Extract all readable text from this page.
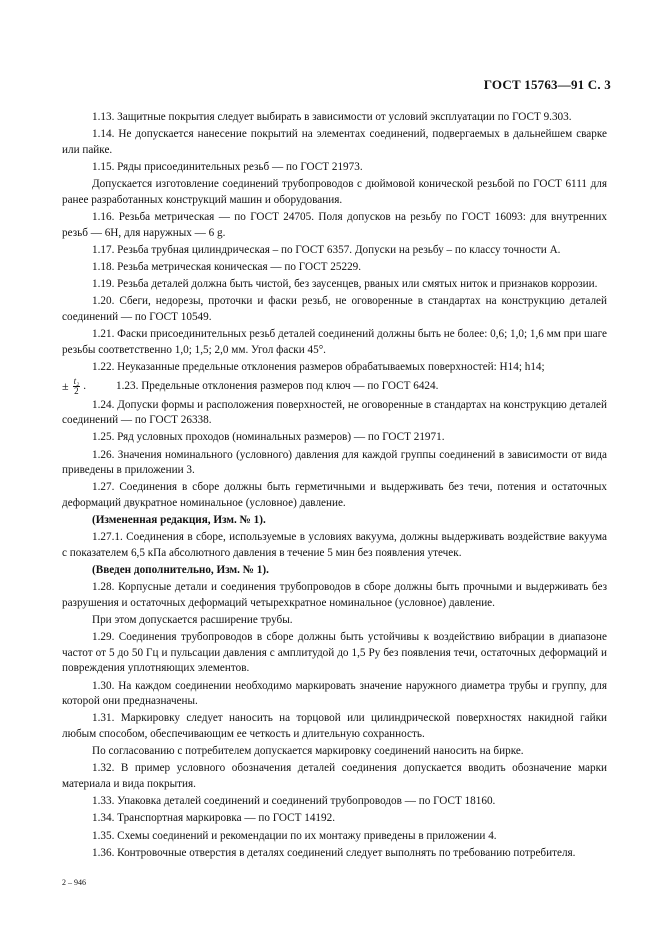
ГОСТ 15763—91 С. 3

1.13. Защитные покрытия следует выбирать в зависимости от условий эксплуатации по ГОСТ 9.303.

1.14. Не допускается нанесение покрытий на элементах соединений, подвергаемых в дальнейшем сварке или пайке.

1.15. Ряды присоединительных резьб — по ГОСТ 21973.

Допускается изготовление соединений трубопроводов с дюймовой конической резьбой по ГОСТ 6111 для ранее разработанных конструкций машин и оборудования.

1.16. Резьба метрическая — по ГОСТ 24705. Поля допусков на резьбу по ГОСТ 16093: для внутренних резьб — 6Н, для наружных — 6 g.

1.17. Резьба трубная цилиндрическая – по ГОСТ 6357. Допуски на резьбу – по классу точности А.

1.18. Резьба метрическая коническая — по ГОСТ 25229.

1.19. Резьба деталей должна быть чистой, без заусенцев, рваных или смятых ниток и признаков коррозии.

1.20. Сбеги, недорезы, проточки и фаски резьб, не оговоренные в стандартах на конструкцию деталей соединений — по ГОСТ 10549.

1.21. Фаски присоединительных резьб деталей соединений должны быть не более: 0,6; 1,0; 1,6 мм при шаге резьбы соответственно 1,0; 1,5; 2,0 мм. Угол фаски 45°.

1.22. Неуказанные предельные отклонения размеров обрабатываемых поверхностей: H14; h14;

± $\frac{\text{t₂}}{2}$ .	1.23. Предельные отклонения размеров под ключ — по ГОСТ 6424.

1.24. Допуски формы и расположения поверхностей, не оговоренные в стандартах на конструкцию деталей соединений — по ГОСТ 26338.

1.25. Ряд условных проходов (номинальных размеров) — по ГОСТ 21971.

1.26. Значения номинального (условного) давления для каждой группы соединений в зависимости от вида приведены в приложении 3.

1.27. Соединения в сборе должны быть герметичными и выдерживать без течи, потения и остаточных деформаций двукратное номинальное (условное) давление.

(Измененная редакция, Изм. № 1).

1.27.1. Соединения в сборе, используемые в условиях вакуума, должны выдерживать воздействие вакуума с показателем 6,5 кПа абсолютного давления в течение 5 мин без появления утечек.

(Введен дополнительно, Изм. № 1).

1.28. Корпусные детали и соединения трубопроводов в сборе должны быть прочными и выдерживать без разрушения и остаточных деформаций четырехкратное номинальное (условное) давление.

При этом допускается расширение трубы.

1.29. Соединения трубопроводов в сборе должны быть устойчивы к воздействию вибрации в диапазоне частот от 5 до 50 Гц и пульсации давления с амплитудой до 1,5 Pу без появления течи, остаточных деформаций и повреждения уплотняющих элементов.

1.30. На каждом соединении необходимо маркировать значение наружного диаметра трубы и группу, для которой они предназначены.

1.31. Маркировку следует наносить на торцовой или цилиндрической поверхностях накидной гайки любым способом, обеспечивающим ее четкость и длительную сохранность.

По согласованию с потребителем допускается маркировку соединений наносить на бирке.

1.32. В пример условного обозначения деталей соединения допускается вводить обозначение марки материала и вида покрытия.

1.33. Упаковка деталей соединений и соединений трубопроводов — по ГОСТ 18160.

1.34. Транспортная маркировка — по ГОСТ 14192.

1.35. Схемы соединений и рекомендации по их монтажу приведены в приложении 4.

1.36. Контровочные отверстия в деталях соединений следует выполнять по требованию потребителя.

2 – 946
